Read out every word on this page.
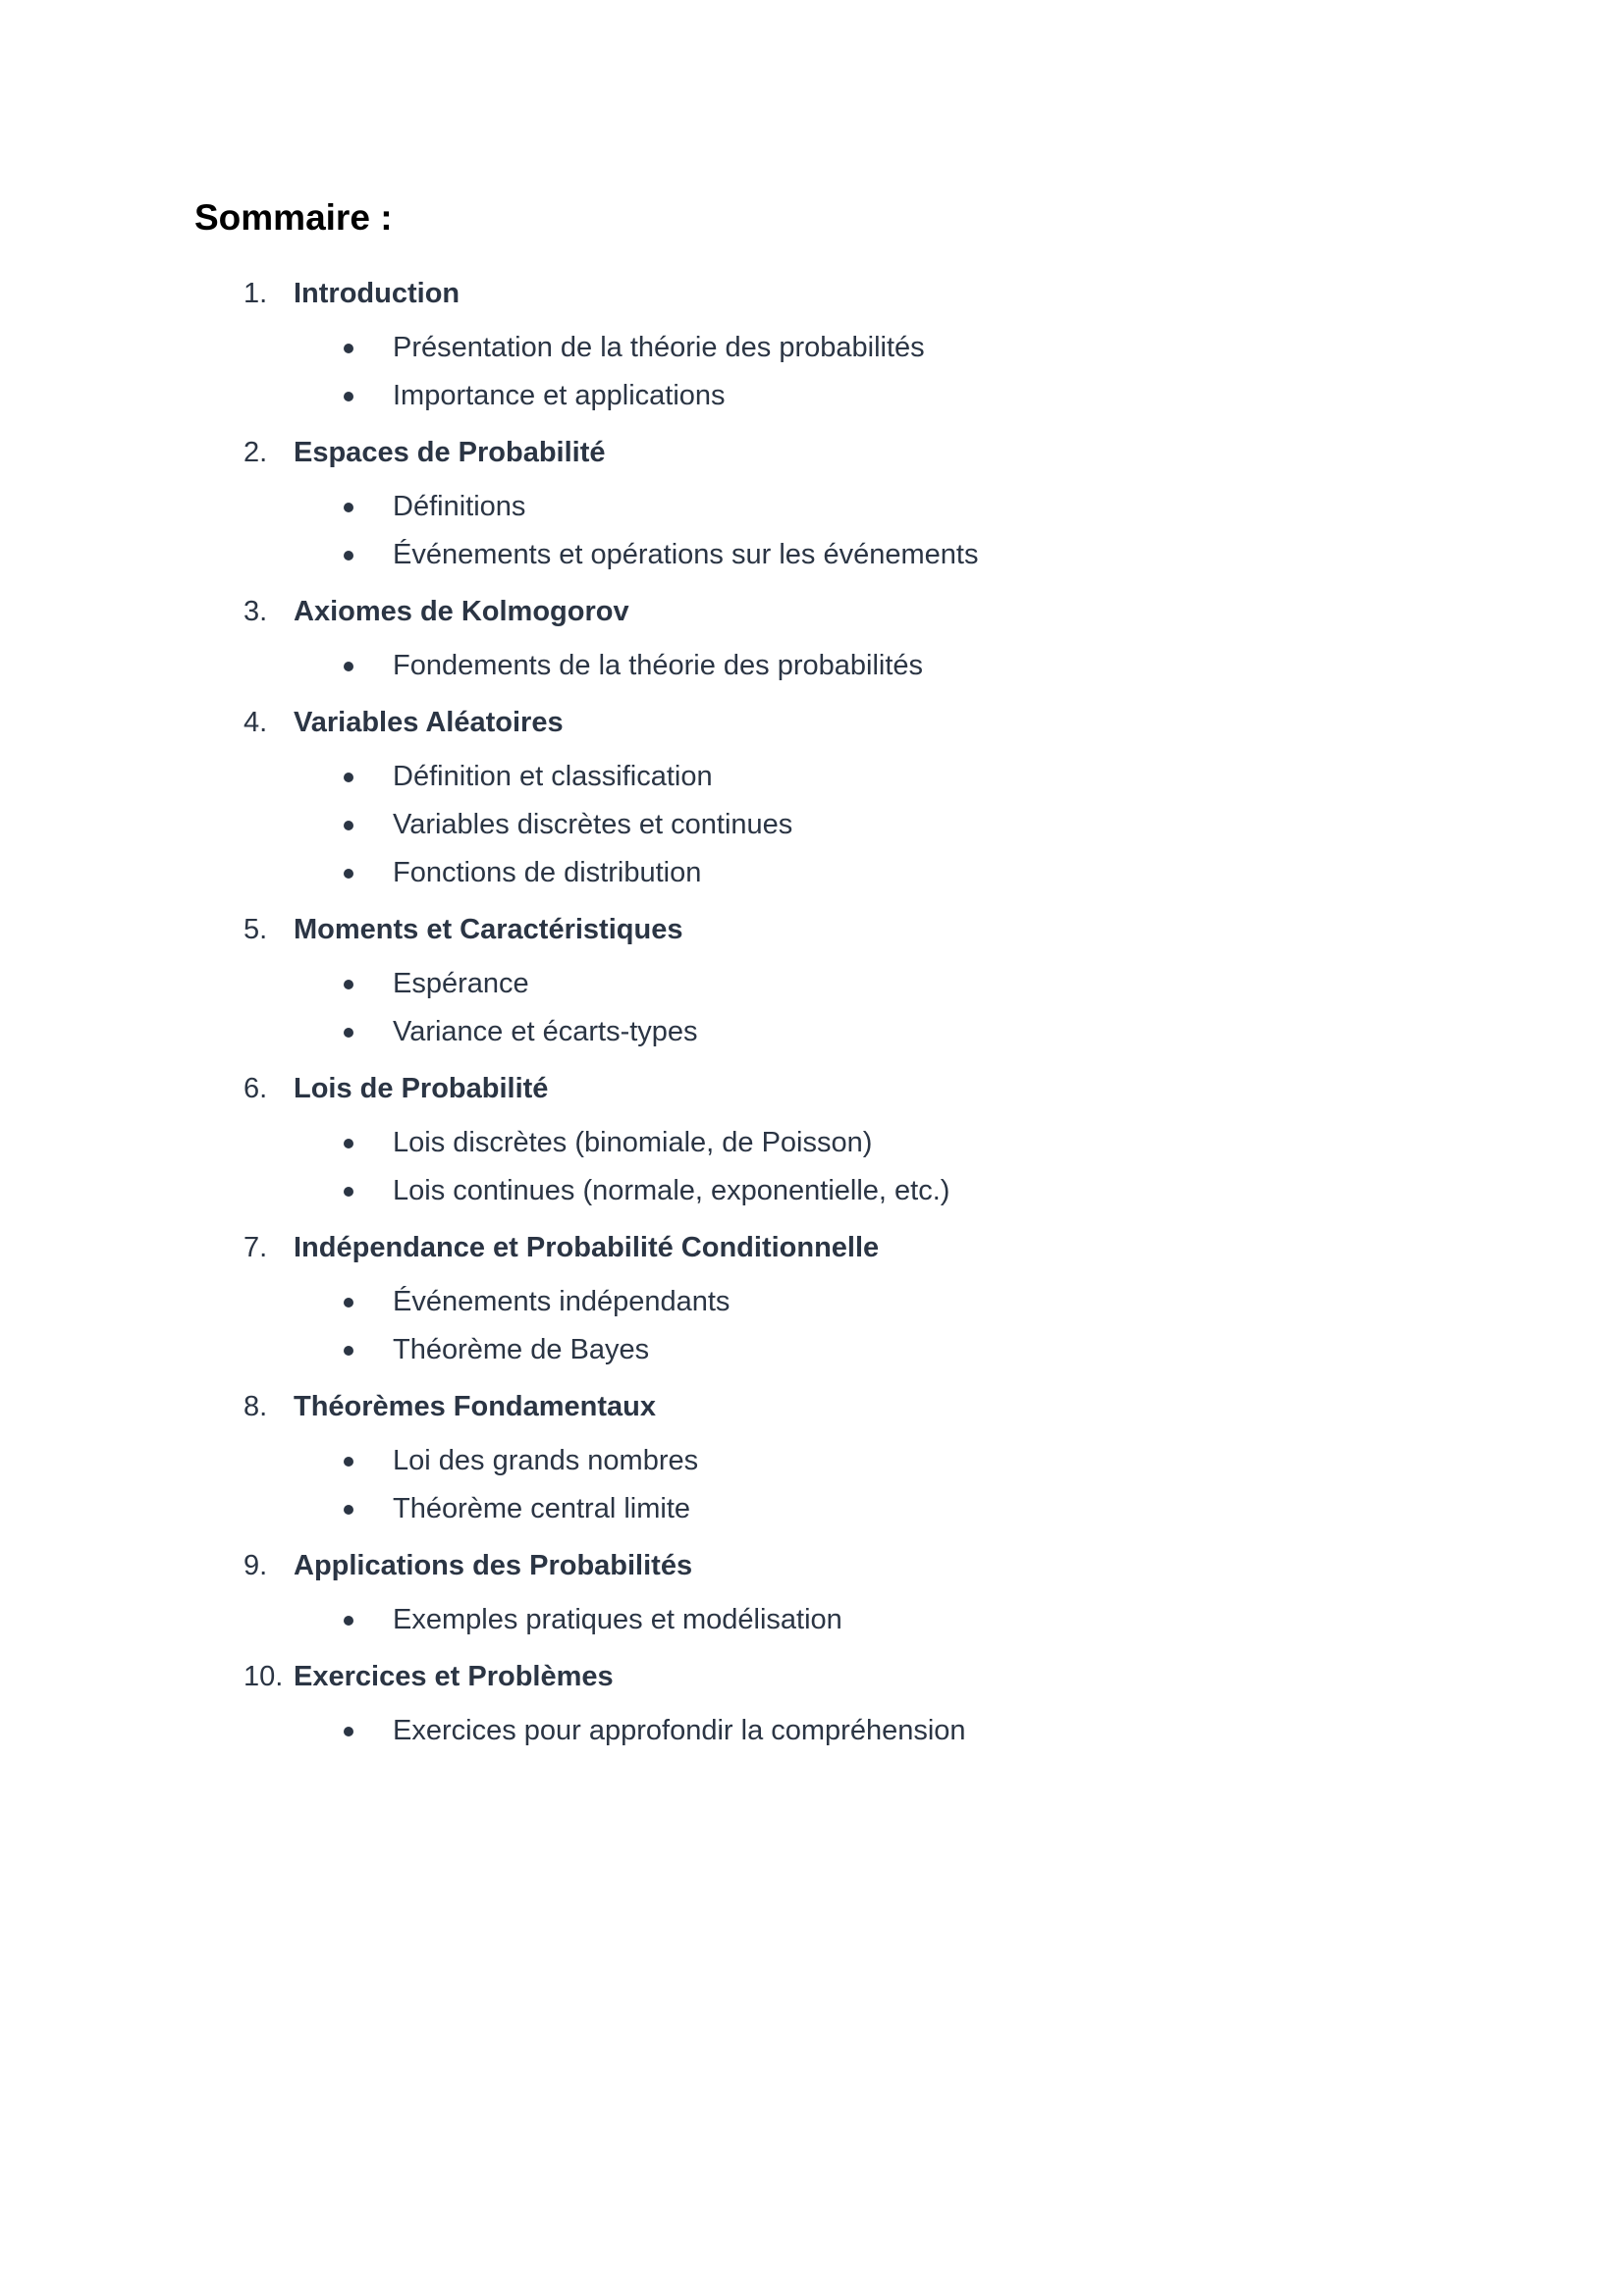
Sommaire :
1. Introduction
Présentation de la théorie des probabilités
Importance et applications
2. Espaces de Probabilité
Définitions
Événements et opérations sur les événements
3. Axiomes de Kolmogorov
Fondements de la théorie des probabilités
4. Variables Aléatoires
Définition et classification
Variables discrètes et continues
Fonctions de distribution
5. Moments et Caractéristiques
Espérance
Variance et écarts-types
6. Lois de Probabilité
Lois discrètes (binomiale, de Poisson)
Lois continues (normale, exponentielle, etc.)
7. Indépendance et Probabilité Conditionnelle
Événements indépendants
Théorème de Bayes
8. Théorèmes Fondamentaux
Loi des grands nombres
Théorème central limite
9. Applications des Probabilités
Exemples pratiques et modélisation
10. Exercices et Problèmes
Exercices pour approfondir la compréhension
